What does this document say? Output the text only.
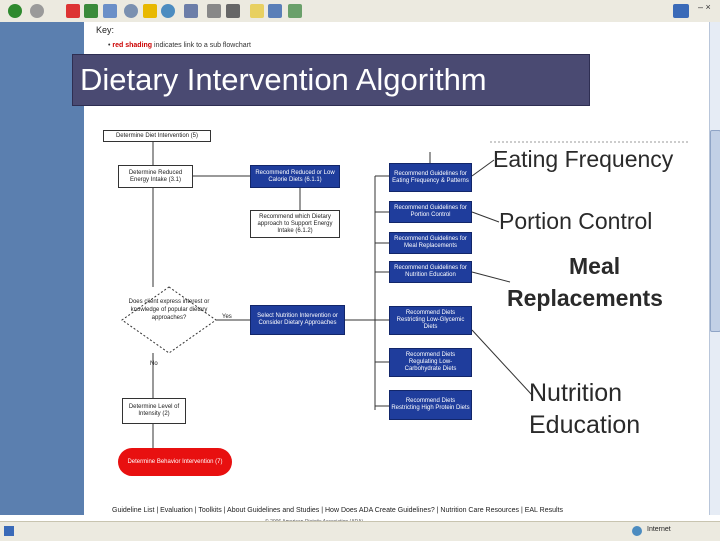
– ×
Key:
• red shading indicates link to a sub flowchart
Determine Diet Intervention (5)
Determine Reduced Energy Intake (3.1)
Recommend Reduced or Low Calorie Diets (6.1.1)
Recommend which Dietary approach to Support Energy Intake (6.1.2)
Does client express interest or knowledge of popular dietary approaches?	Yes
No
Select Nutrition Intervention or Consider Dietary Approaches
Determine Level of Intensity (2)
Determine Behavior Intervention (7)
Recommend Guidelines for Eating Frequency & Patterns
Recommend Guidelines for Portion Control
Recommend Guidelines for Meal Replacements
Recommend Guidelines for Nutrition Education
Recommend Diets Restricting Low-Glycemic Diets
Recommend Diets Regulating Low-Carbohydrate Diets
Recommend Diets Restricting High Protein Diets
Eating Frequency
Portion Control
Meal
Replacements
Nutrition
Education
Dietary Intervention Algorithm
Guideline List | Evaluation | Toolkits | About Guidelines and Studies | How Does ADA Create Guidelines? | Nutrition Care Resources | EAL Results
Internet
